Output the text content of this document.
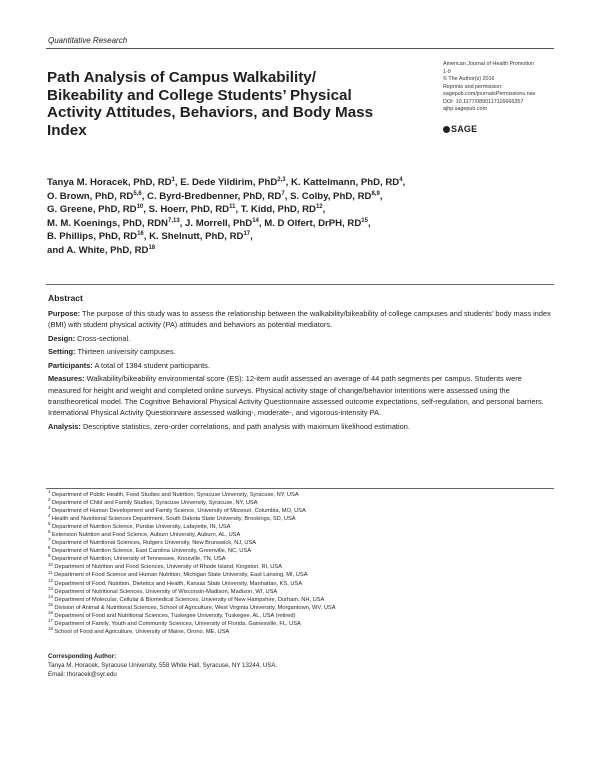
Quantitative Research
American Journal of Health Promotion
1-9
© The Author(s) 2016
Reprints and permission:
sagepub.com/journalsPermissions.nav
DOI: 10.1177/0890117116666357
ajhp.sagepub.com
SAGE
Path Analysis of Campus Walkability/ Bikeability and College Students’ Physical Activity Attitudes, Behaviors, and Body Mass Index
Tanya M. Horacek, PhD, $RD^1$, E. Dede Yildirim, PhD$^{2,3}$, K. Kattelmann, PhD, $RD^4$,
O. Brown, PhD, RD$^{5,6}$, C. Byrd-Bredbenner, PhD, $RD^7$, S. Colby, PhD, RD$^{8,9}$,
G. Greene, PhD, RD$^{10}$, S. Hoerr, PhD, RD$^{11}$, T. Kidd, PhD, RD$^{12}$,
M. M. Koenings, PhD, RDN$^{7,13}$, J. Morrell, PhD$^{14}$, M. D Olfert, DrPH, RD$^{15}$,
B. Phillips, PhD, RD$^{16}$, K. Shelnutt, PhD, RD$^{17}$,
and A. White, PhD, RD$^{18}$
Abstract

Purpose: The purpose of this study was to assess the relationship between the walkability/bikeability of college campuses and students’ body mass index (BMI) with student physical activity (PA) attitudes and behaviors as potential mediators.

Design: Cross-sectional.

Setting: Thirteen university campuses.

Participants: A total of 1384 student participants.

Measures: Walkability/bikeability environmental score (ES): 12-item audit assessed an average of 44 path segments per campus. Students were measured for height and weight and completed online surveys. Physical activity stage of change/behavior intentions were assessed using the transtheoretical model. The Cognitive Behavioral Physical Activity Questionnaire assessed outcome expectations, self-regulation, and personal barriers. International Physical Activity Questionnaire assessed walking-, moderate-, and vigorous-intensity PA.

Analysis: Descriptive statistics, zero-order correlations, and path analysis with maximum likelihood estimation.

$^1$Department of Public Health, Food Studies and Nutrition, Syracuse University, Syracuse, NY, USA
$^2$Department of Child and Family Studies, Syracuse University, Syracuse, NY, USA
$^3$Department of Human Development and Family Science, University of Missouri, Columbia, MO, USA
$^4$Health and Nutritional Sciences Department, South Dakota State University, Brookings, SD, USA
$^5$Department of Nutrition Science, Purdue University, Lafayette, IN, USA
$^6$Extension Nutrition and Food Science, Auburn University, Auburn, AL, USA
$^7$Department of Nutritional Sciences, Rutgers University, New Brunswick, NJ, USA
$^8$Department of Nutrition Science, East Carolina University, Greenville, NC, USA
$^9$Department of Nutrition, University of Tennessee, Knoxville, TN, USA
$^{10}$Department of Nutrition and Food Sciences, University of Rhode Island, Kingston, RI, USA
$^{11}$Department of Food Science and Human Nutrition, Michigan State University, East Lansing, MI, USA
$^{12}$Department of Food, Nutrition, Dietetics and Health, Kansas State University, Manhattan, KS, USA
$^{13}$Department of Nutritional Sciences, University of Wisconsin-Madison, Madison, WI, USA
$^{14}$Department of Molecular, Cellular & Biomedical Sciences, University of New Hampshire, Durham, NH, USA
$^{15}$Division of Animal & Nutritional Sciences, School of Agriculture, West Virginia University, Morgantown, WV, USA
$^{16}$Department of Food and Nutritional Sciences, Tuskegee University, Tuskegee, AL, USA (retired)
$^{17}$Department of Family, Youth and Community Sciences, University of Florida, Gainesville, FL, USA
$^{18}$School of Food and Agriculture, University of Maine, Orono, ME, USA
Corresponding Author:
Tanya M. Horacek, Syracuse University, 558 White Hall, Syracuse, NY 13244, USA.
Email: thoracek@syr.edu
